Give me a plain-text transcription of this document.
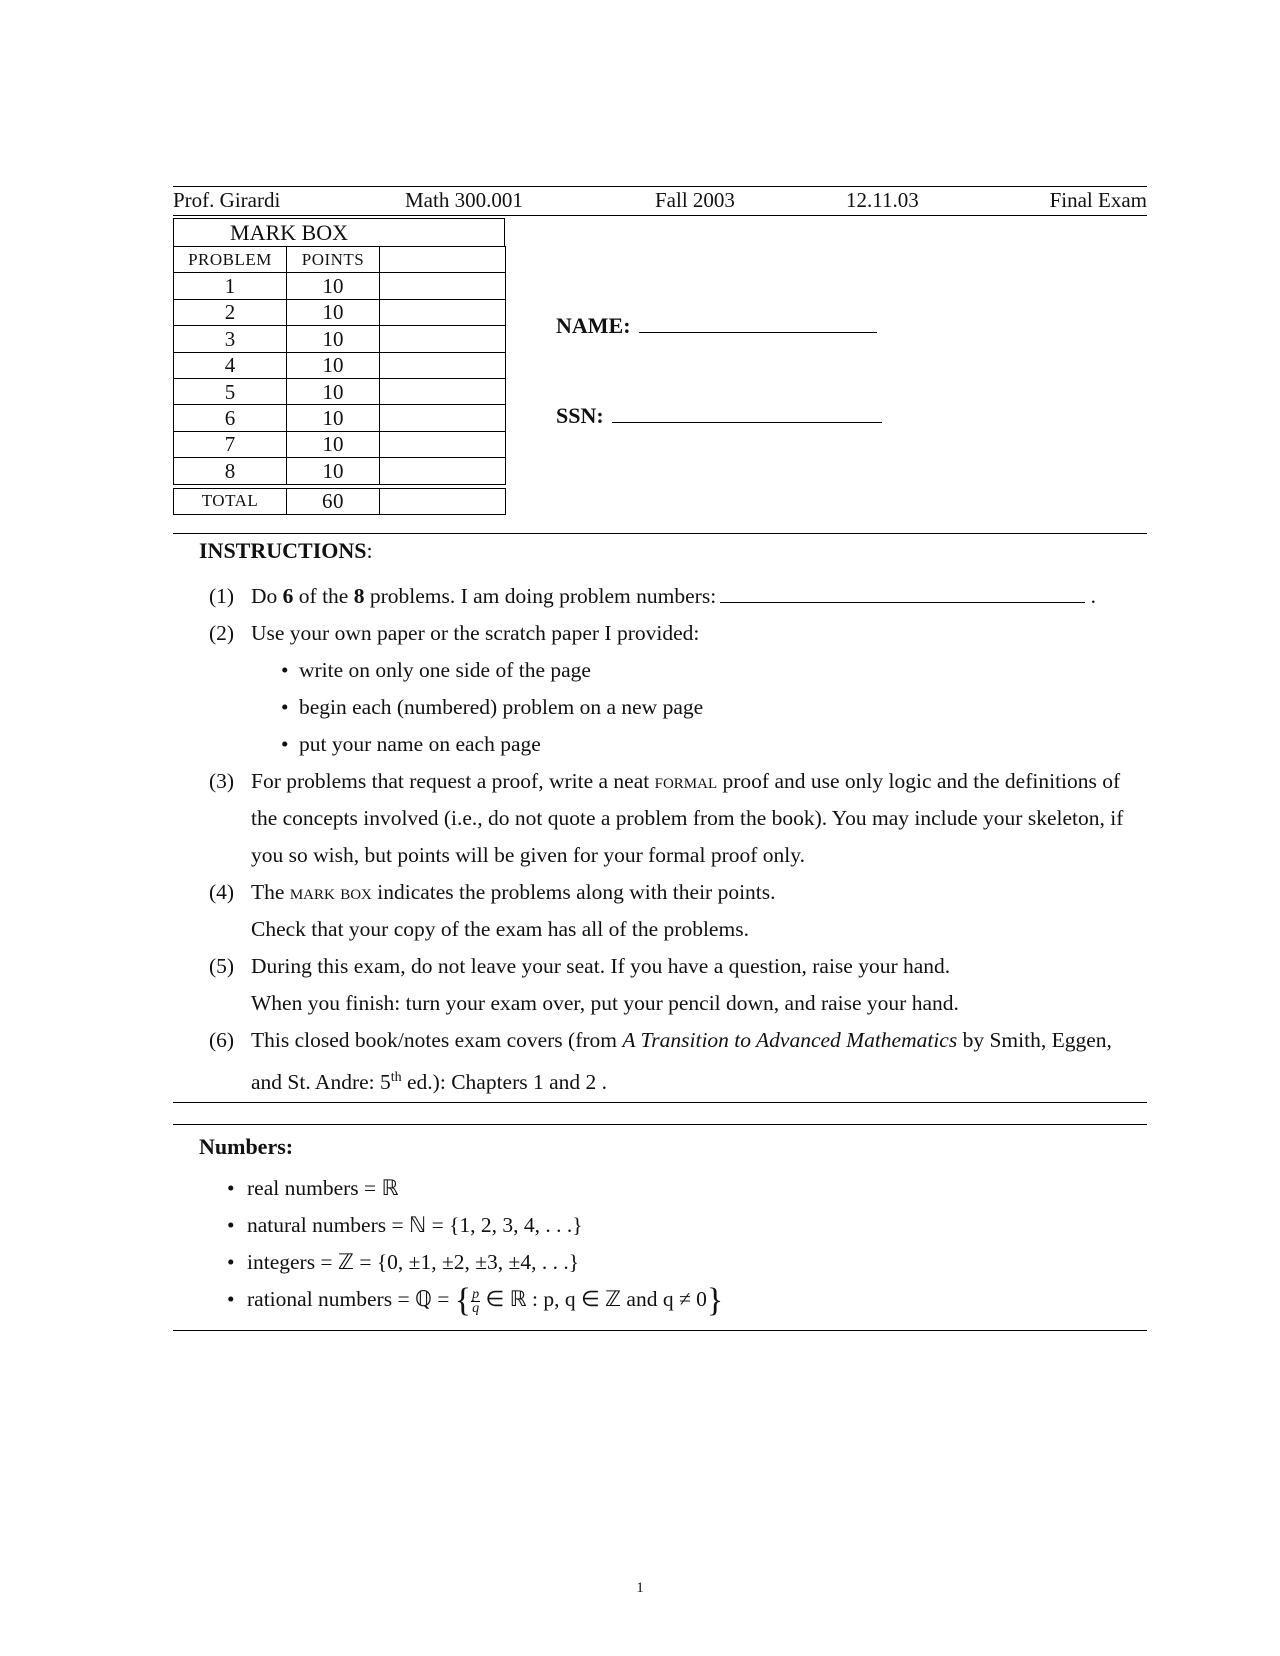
Prof. Girardi	Math 300.001	Fall 2003	12.11.03	Final Exam
MARK BOX
PROBLEM	POINTS	
1	10	
2	10	
3	10	
4	10	
5	10	
6	10	
7	10	
8	10	
TOTAL	60	
NAME:
SSN:
INSTRUCTIONS:
(1) Do 6 of the 8 problems. I am doing problem numbers:	.
(2) Use your own paper or the scratch paper I provided:
• write on only one side of the page
• begin each (numbered) problem on a new page
• put your name on each page
(3) For problems that request a proof, write a neat formal proof and use only logic and the definitions of the concepts involved (i.e., do not quote a problem from the book). You may include your skeleton, if you so wish, but points will be given for your formal proof only.
(4) The mark box indicates the problems along with their points.
Check that your copy of the exam has all of the problems.
(5) During this exam, do not leave your seat. If you have a question, raise your hand.
When you finish: turn your exam over, put your pencil down, and raise your hand.
(6) This closed book/notes exam covers (from A Transition to Advanced Mathematics by Smith, Eggen, and St. Andre: 5th ed.): Chapters 1 and 2 .
Numbers:
• real numbers = ℝ
• natural numbers = ℕ = {1, 2, 3, 4, . . .}
• integers = ℤ = {0, ±1, ±2, ±3, ±4, . . .}
• rational numbers = ℚ = { $\frac{p}{q}$ ∈ ℝ : p, q ∈ ℤ and q ≠ 0}
1
